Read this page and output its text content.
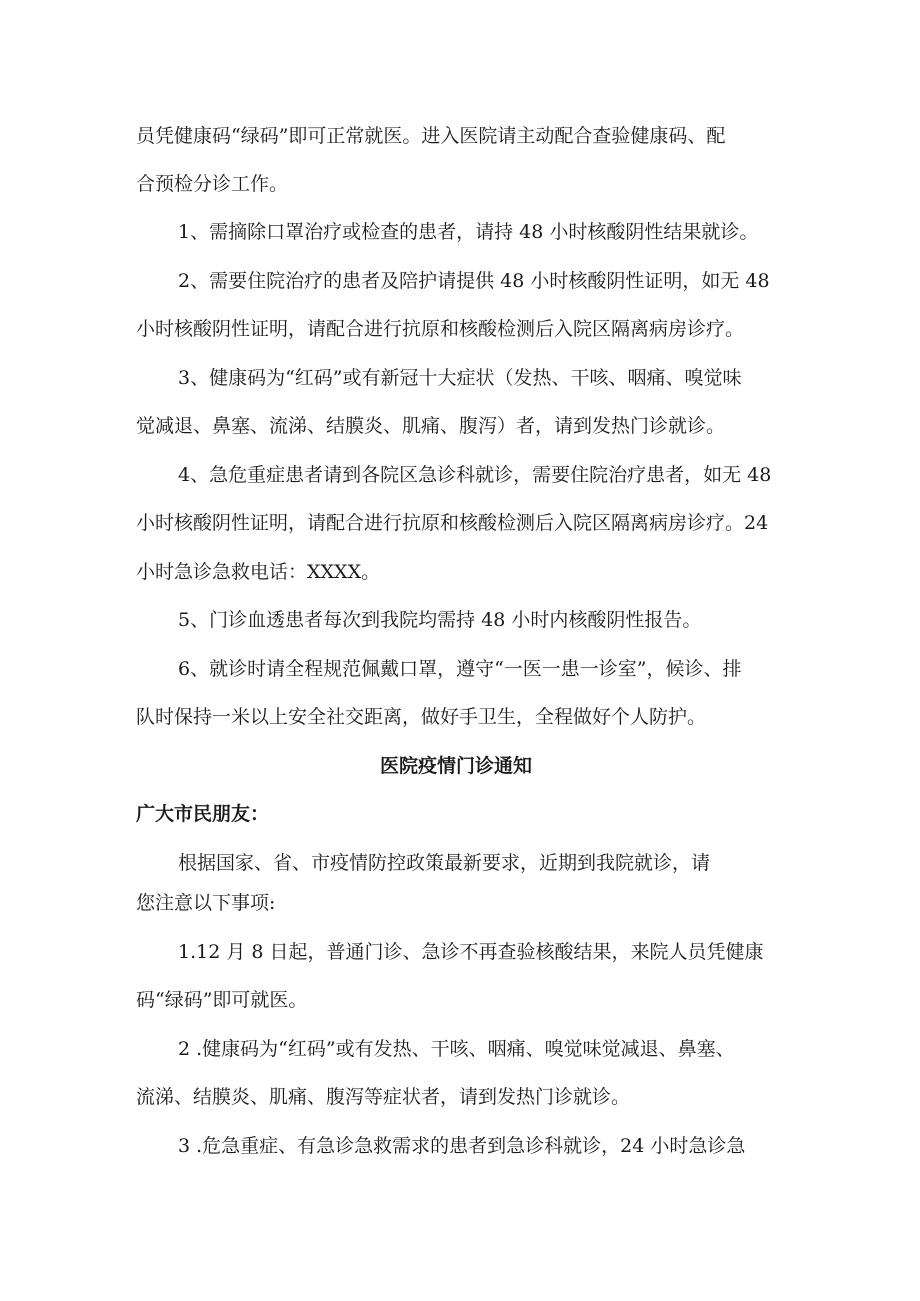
员凭健康码“绿码”即可正常就医。进入医院请主动配合查验健康码、配
合预检分诊工作。
1、需摘除口罩治疗或检查的患者，请持 48 小时核酸阴性结果就诊。
2、需要住院治疗的患者及陪护请提供 48 小时核酸阴性证明，如无 48
小时核酸阴性证明，请配合进行抗原和核酸检测后入院区隔离病房诊疗。
3、健康码为“红码”或有新冠十大症状（发热、干咳、咽痛、嗅觉味
觉减退、鼻塞、流涕、结膜炎、肌痛、腹泻）者，请到发热门诊就诊。
4、急危重症患者请到各院区急诊科就诊，需要住院治疗患者，如无 48
小时核酸阴性证明，请配合进行抗原和核酸检测后入院区隔离病房诊疗。24
小时急诊急救电话：XXXX。
5、门诊血透患者每次到我院均需持 48 小时内核酸阴性报告。
6、就诊时请全程规范佩戴口罩，遵守“一医一患一诊室”，候诊、排
队时保持一米以上安全社交距离，做好手卫生，全程做好个人防护。
医院疫情门诊通知
广大市民朋友：
根据国家、省、市疫情防控政策最新要求，近期到我院就诊，请
您注意以下事项:
1.12 月 8 日起，普通门诊、急诊不再查验核酸结果，来院人员凭健康
码“绿码”即可就医。
2 .健康码为“红码”或有发热、干咳、咽痛、嗅觉味觉减退、鼻塞、
流涕、结膜炎、肌痛、腹泻等症状者，请到发热门诊就诊。
3 .危急重症、有急诊急救需求的患者到急诊科就诊，24 小时急诊急
